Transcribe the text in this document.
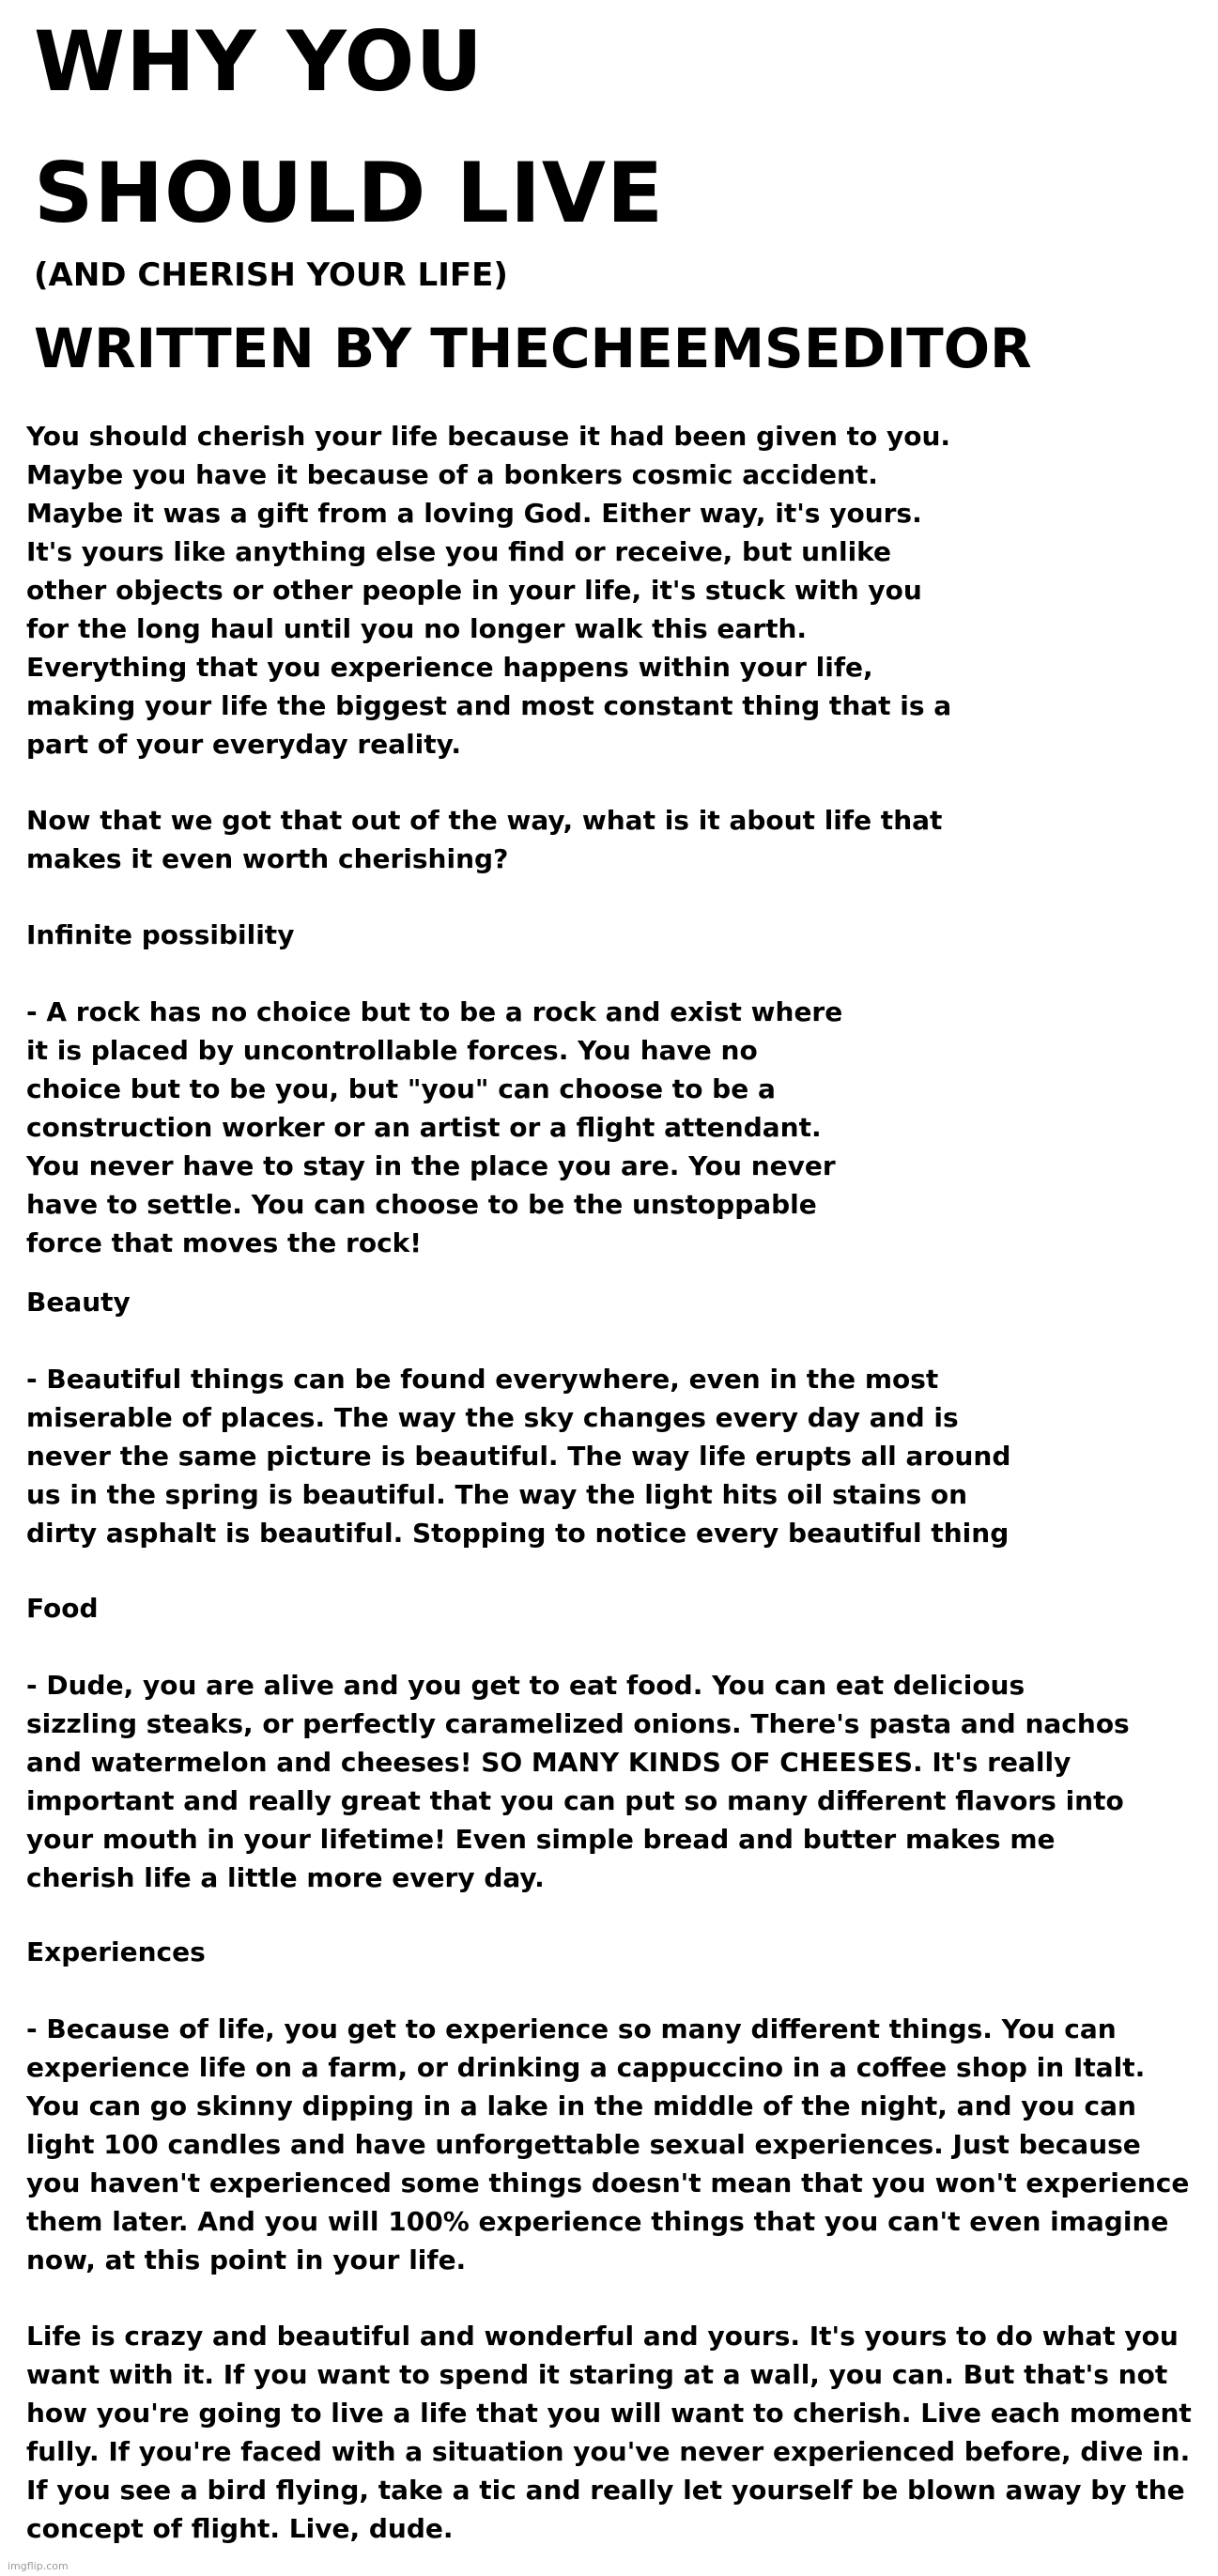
WHY YOU
SHOULD LIVE
(AND CHERISH YOUR LIFE)
WRITTEN BY THECHEEMSEDITOR

You should cherish your life because it had been given to you.
Maybe you have it because of a bonkers cosmic accident.
Maybe it was a gift from a loving God. Either way, it's yours.
It's yours like anything else you find or receive, but unlike
other objects or other people in your life, it's stuck with you
for the long haul until you no longer walk this earth.
Everything that you experience happens within your life,
making your life the biggest and most constant thing that is a
part of your everyday reality.

Now that we got that out of the way, what is it about life that
makes it even worth cherishing?

Infinite possibility

- A rock has no choice but to be a rock and exist where
it is placed by uncontrollable forces. You have no
choice but to be you, but "you" can choose to be a
construction worker or an artist or a flight attendant.
You never have to stay in the place you are. You never
have to settle. You can choose to be the unstoppable
force that moves the rock!

Beauty

- Beautiful things can be found everywhere, even in the most
miserable of places. The way the sky changes every day and is
never the same picture is beautiful. The way life erupts all around
us in the spring is beautiful. The way the light hits oil stains on
dirty asphalt is beautiful. Stopping to notice every beautiful thing

Food

- Dude, you are alive and you get to eat food. You can eat delicious
sizzling steaks, or perfectly caramelized onions. There's pasta and nachos
and watermelon and cheeses! SO MANY KINDS OF CHEESES. It's really
important and really great that you can put so many different flavors into
your mouth in your lifetime! Even simple bread and butter makes me
cherish life a little more every day.

Experiences

- Because of life, you get to experience so many different things. You can
experience life on a farm, or drinking a cappuccino in a coffee shop in Italt.
You can go skinny dipping in a lake in the middle of the night, and you can
light 100 candles and have unforgettable sexual experiences. Just because
you haven't experienced some things doesn't mean that you won't experience
them later. And you will 100% experience things that you can't even imagine
now, at this point in your life.

Life is crazy and beautiful and wonderful and yours. It's yours to do what you
want with it. If you want to spend it staring at a wall, you can. But that's not
how you're going to live a life that you will want to cherish. Live each moment
fully. If you're faced with a situation you've never experienced before, dive in.
If you see a bird flying, take a tic and really let yourself be blown away by the
concept of flight. Live, dude.

imgflip.com
